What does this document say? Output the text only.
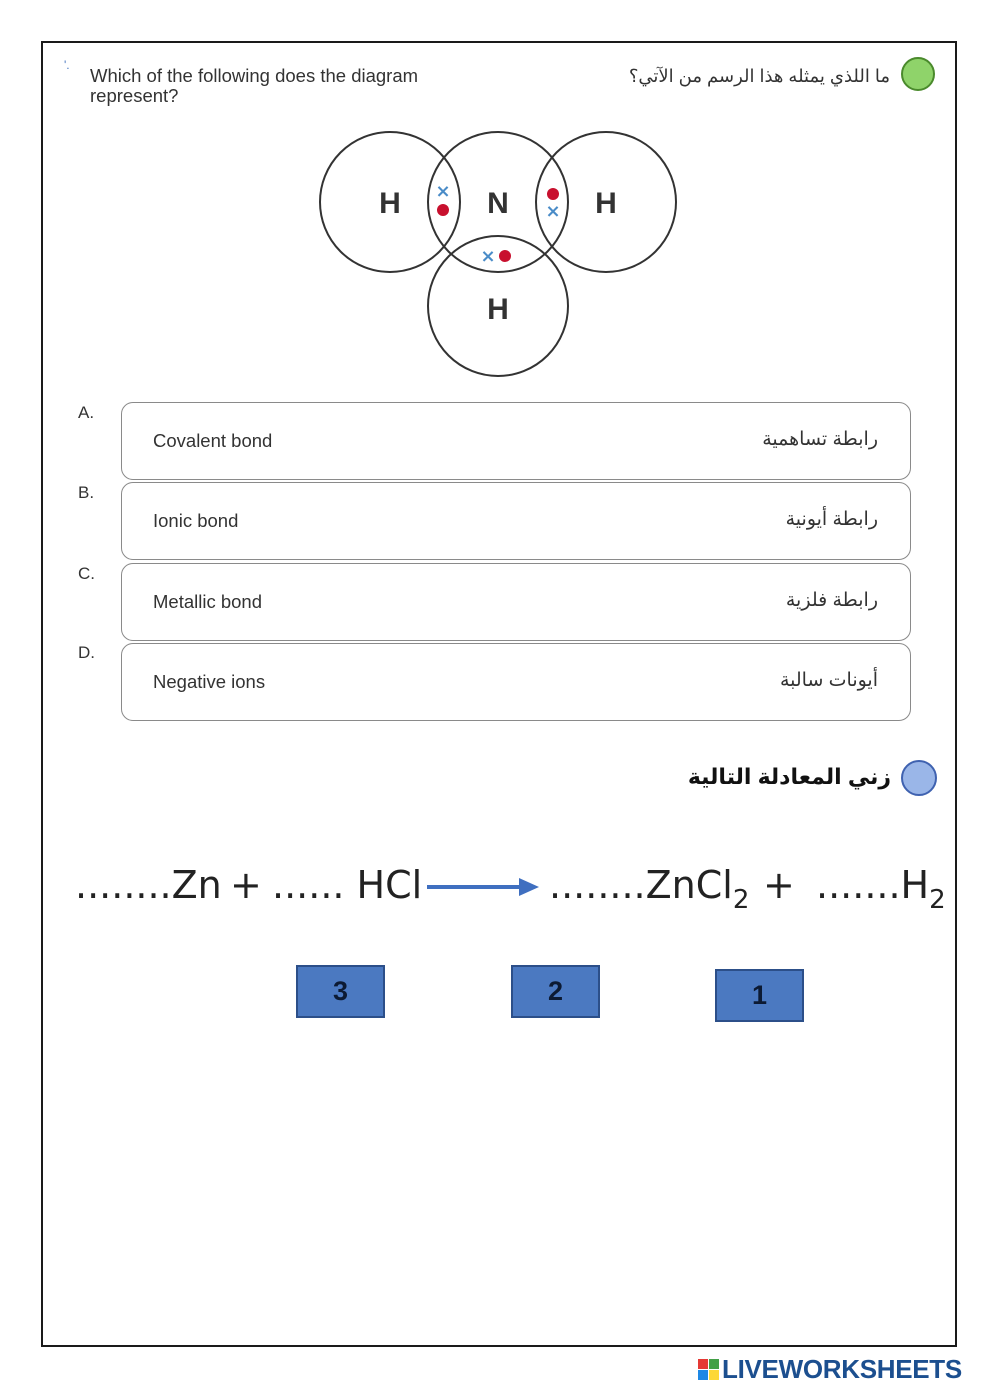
'. Which of the following does the diagram represent?
ما اللذي يمثله هذا الرسم من الآتي؟
H	N	H
H
×
×
×
A.
Covalent bond	رابطة تساهمية
B.
Ionic bond	رابطة أيونية
C.
Metallic bond	رابطة فلزية
D.
Negative ions	أيونات سالبة
زني المعادلة التالية
........Zn + ...... HCl → ........ZnCl$_2$ + $.......H_2$
3	2	1
LIVEWORKSHEETS
